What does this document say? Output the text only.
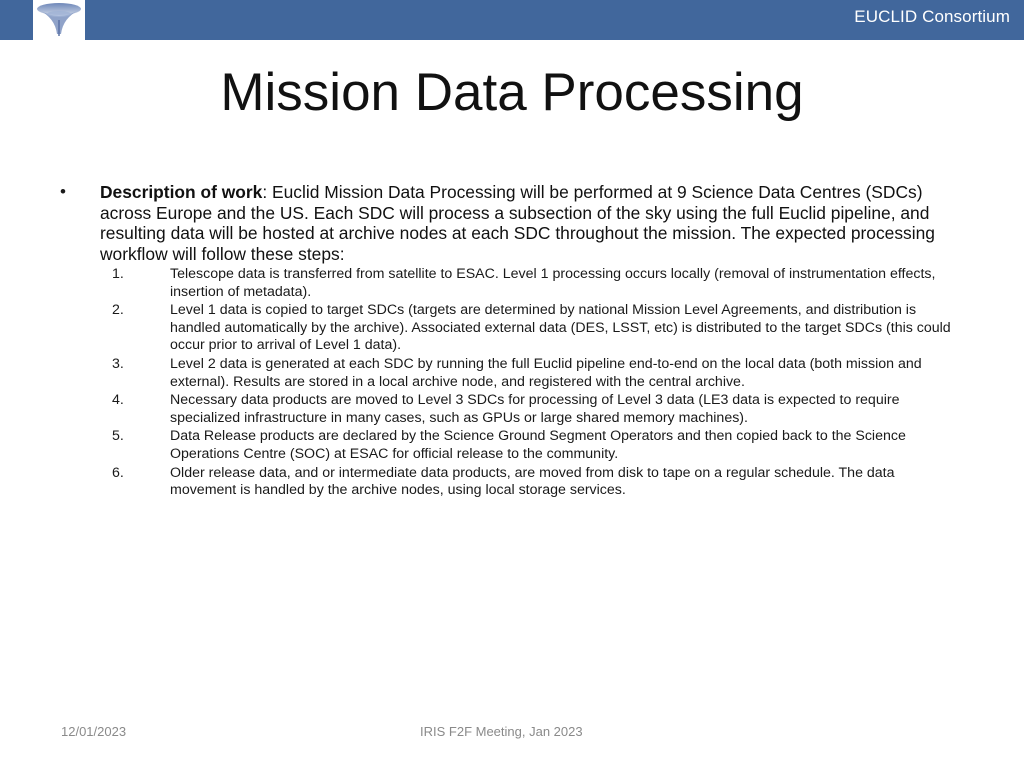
EUCLID Consortium
Mission Data Processing
•	Description of work: Euclid Mission Data Processing will be performed at 9 Science Data Centres (SDCs) across Europe and the US. Each SDC will process a subsection of the sky using the full Euclid pipeline, and resulting data will be hosted at archive nodes at each SDC throughout the mission. The expected processing workflow will follow these steps:
1.	Telescope data is transferred from satellite to ESAC. Level 1 processing occurs locally (removal of instrumentation effects, insertion of metadata).
2.	Level 1 data is copied to target SDCs (targets are determined by national Mission Level Agreements, and distribution is handled automatically by the archive). Associated external data (DES, LSST, etc) is distributed to the target SDCs (this could occur prior to arrival of Level 1 data).
3.	Level 2 data is generated at each SDC by running the full Euclid pipeline end-to-end on the local data (both mission and external). Results are stored in a local archive node, and registered with the central archive.
4.	Necessary data products are moved to Level 3 SDCs for processing of Level 3 data (LE3 data is expected to require specialized infrastructure in many cases, such as GPUs or large shared memory machines).
5.	Data Release products are declared by the Science Ground Segment Operators and then copied back to the Science Operations Centre (SOC) at ESAC for official release to the community.
6.	Older release data, and or intermediate data products, are moved from disk to tape on a regular schedule. The data movement is handled by the archive nodes, using local storage services.
12/01/2023	IRIS F2F Meeting, Jan 2023
